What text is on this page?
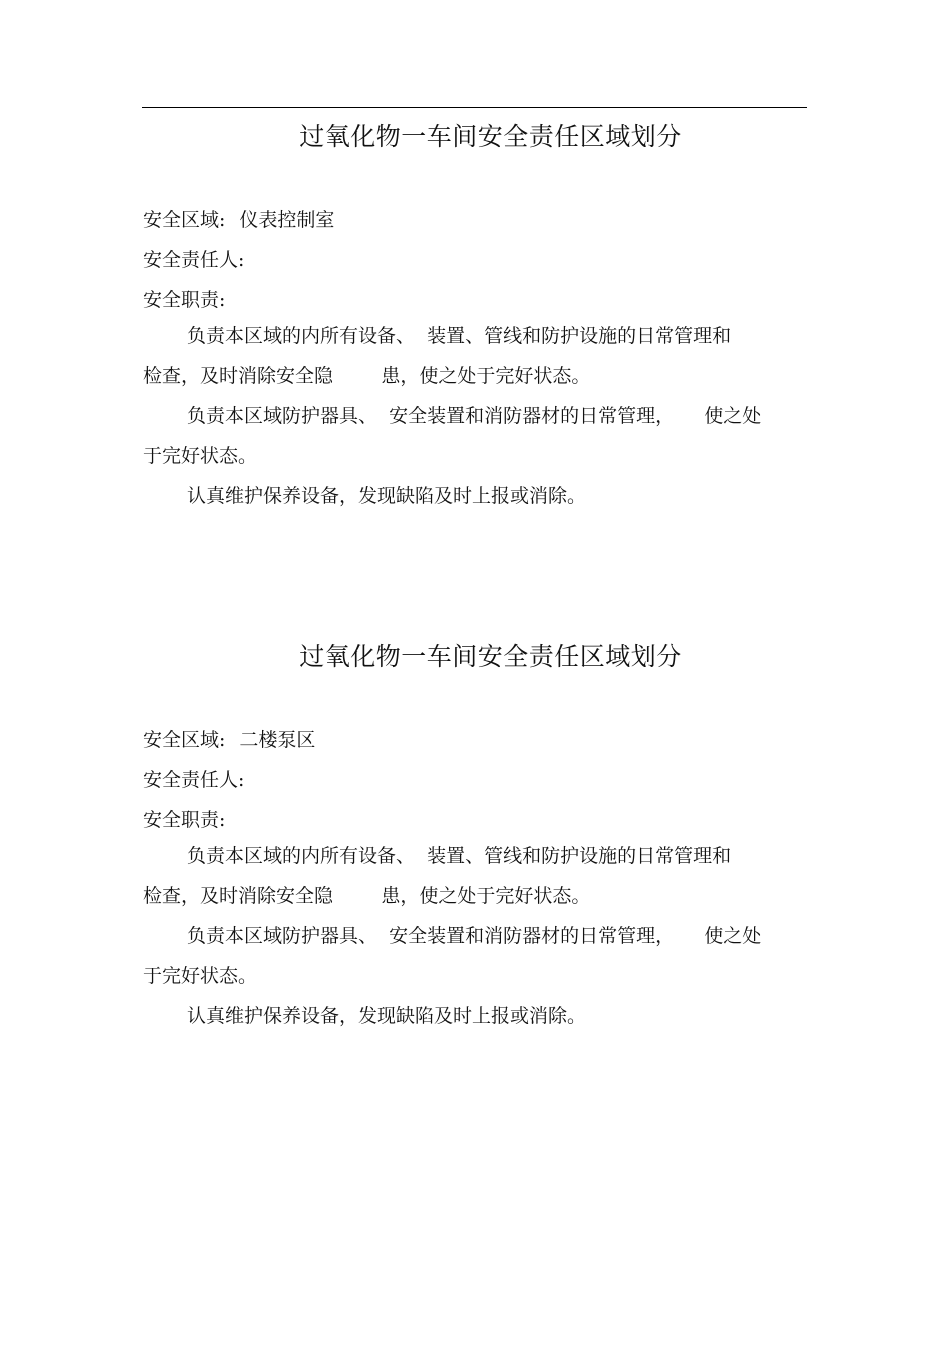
过氧化物一车间安全责任区域划分

安全区域: 仪表控制室

安全责任人:

安全职责:

负责本区域的内所有设备、  装置、管线和防护设施的日常管理和
检查，及时消除安全隐        患，使之处于完好状态。
负责本区域防护器具、  安全装置和消防器材的日常管理，     使之处
于完好状态。
认真维护保养设备，发现缺陷及时上报或消除。
过氧化物一车间安全责任区域划分

安全区域: 二楼泵区

安全责任人:

安全职责:

负责本区域的内所有设备、  装置、管线和防护设施的日常管理和
检查，及时消除安全隐        患，使之处于完好状态。
负责本区域防护器具、  安全装置和消防器材的日常管理，     使之处
于完好状态。
认真维护保养设备，发现缺陷及时上报或消除。
